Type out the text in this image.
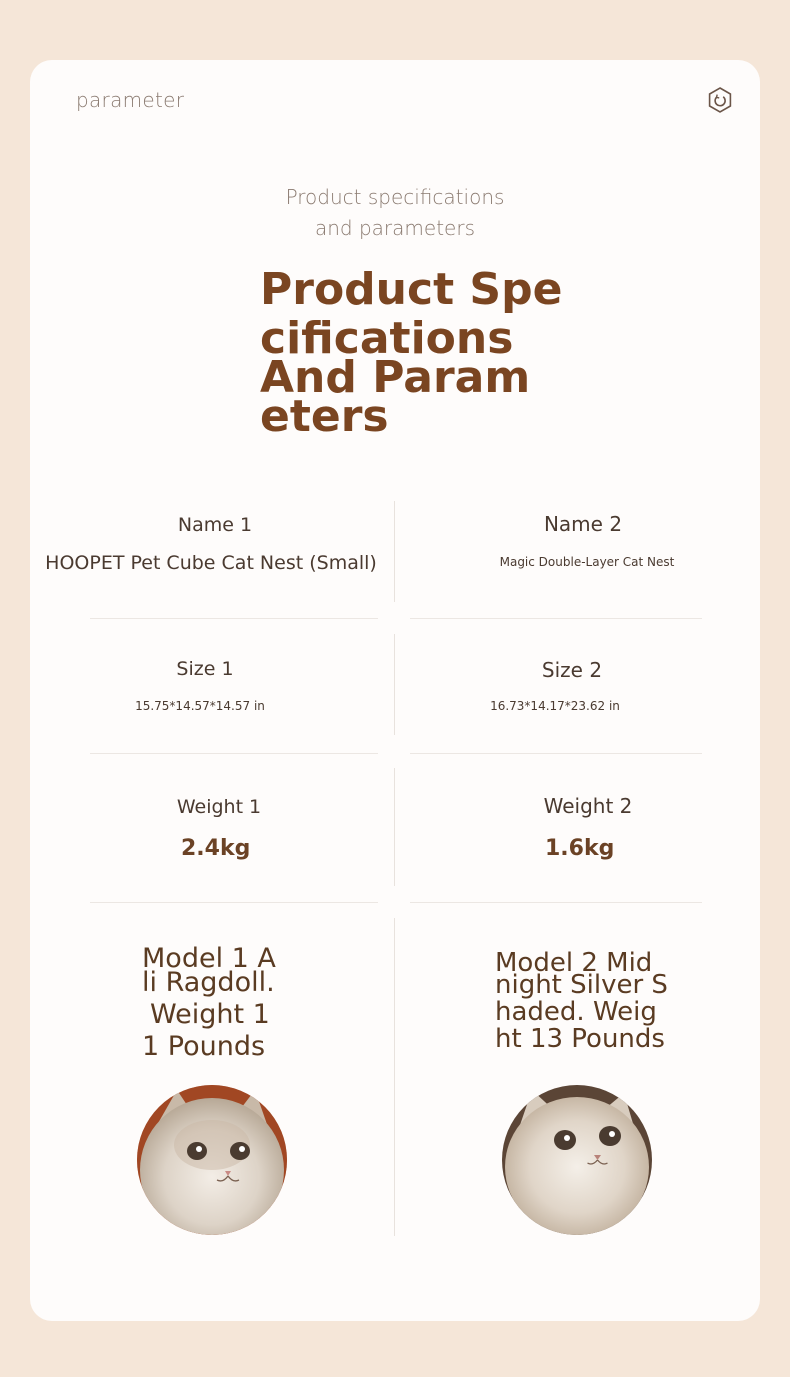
parameter
Product specifications
and parameters
Product Spe
cifications
And Param
eters
Name 1
HOOPET Pet Cube Cat Nest (Small)
Name 2
Magic Double-Layer Cat Nest
Size 1
15.75*14.57*14.57 in
Size 2
16.73*14.17*23.62 in
Weight 1
2.4kg
Weight 2
1.6kg
Model 1 A
li Ragdoll.
Weight 1
1 Pounds
Model 2 Mid
night Silver S
haded. Weig
ht 13 Pounds
